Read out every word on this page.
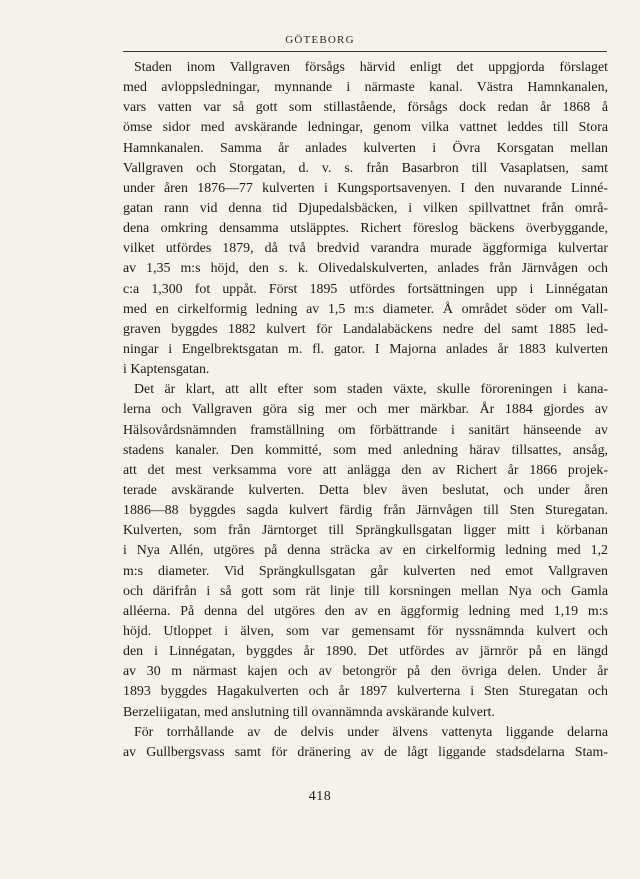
GÖTEBORG

Staden inom Vallgraven försågs härvid enligt det uppgjorda förslaget
med avloppsledningar, mynnande i närmaste kanal. Västra Hamnkanalen,
vars vatten var så gott som stillastående, försågs dock redan år 1868 å
ömse sidor med avskärande ledningar, genom vilka vattnet leddes till Stora
Hamnkanalen. Samma år anlades kulverten i Övra Korsgatan mellan
Vallgraven och Storgatan, d. v. s. från Basarbron till Vasaplatsen, samt
under åren 1876—77 kulverten i Kungsportsavenyen. I den nuvarande Linné-
gatan rann vid denna tid Djupedalsbäcken, i vilken spillvattnet från områ-
dena omkring densamma utsläpptes. Richert föreslog bäckens överbyggande,
vilket utfördes 1879, då två bredvid varandra murade äggformiga kulvertar
av 1,35 m:s höjd, den s. k. Olivedalskulverten, anlades från Järnvågen och
c:a 1,300 fot uppåt. Först 1895 utfördes fortsättningen upp i Linnégatan
med en cirkelformig ledning av 1,5 m:s diameter. Å området söder om Vall-
graven byggdes 1882 kulvert för Landalabäckens nedre del samt 1885 led-
ningar i Engelbrektsgatan m. fl. gator. I Majorna anlades år 1883 kulverten
i Kaptensgatan.

Det är klart, att allt efter som staden växte, skulle föroreningen i kana-
lerna och Vallgraven göra sig mer och mer märkbar. År 1884 gjordes av
Hälsovårdsnämnden framställning om förbättrande i sanitärt hänseende av
stadens kanaler. Den kommitté, som med anledning härav tillsattes, ansåg,
att det mest verksamma vore att anlägga den av Richert år 1866 projek-
terade avskärande kulverten. Detta blev även beslutat, och under åren
1886—88 byggdes sagda kulvert färdig från Järnvågen till Sten Sturegatan.
Kulverten, som från Järntorget till Sprängkullsgatan ligger mitt i körbanan
i Nya Allén, utgöres på denna sträcka av en cirkelformig ledning med 1,2
m:s diameter. Vid Sprängkullsgatan går kulverten ned emot Vallgraven
och därifrån i så gott som rät linje till korsningen mellan Nya och Gamla
alléerna. På denna del utgöres den av en äggformig ledning med 1,19 m:s
höjd. Utloppet i älven, som var gemensamt för nyssnämnda kulvert och
den i Linnégatan, byggdes år 1890. Det utfördes av järnrör på en längd
av 30 m närmast kajen och av betongrör på den övriga delen. Under år
1893 byggdes Hagakulverten och år 1897 kulverterna i Sten Sturegatan och
Berzeliigatan, med anslutning till ovannämnda avskärande kulvert.

För torrhållande av de delvis under älvens vattenyta liggande delarna
av Gullbergsvass samt för dränering av de lågt liggande stadsdelarna Stam-

418
